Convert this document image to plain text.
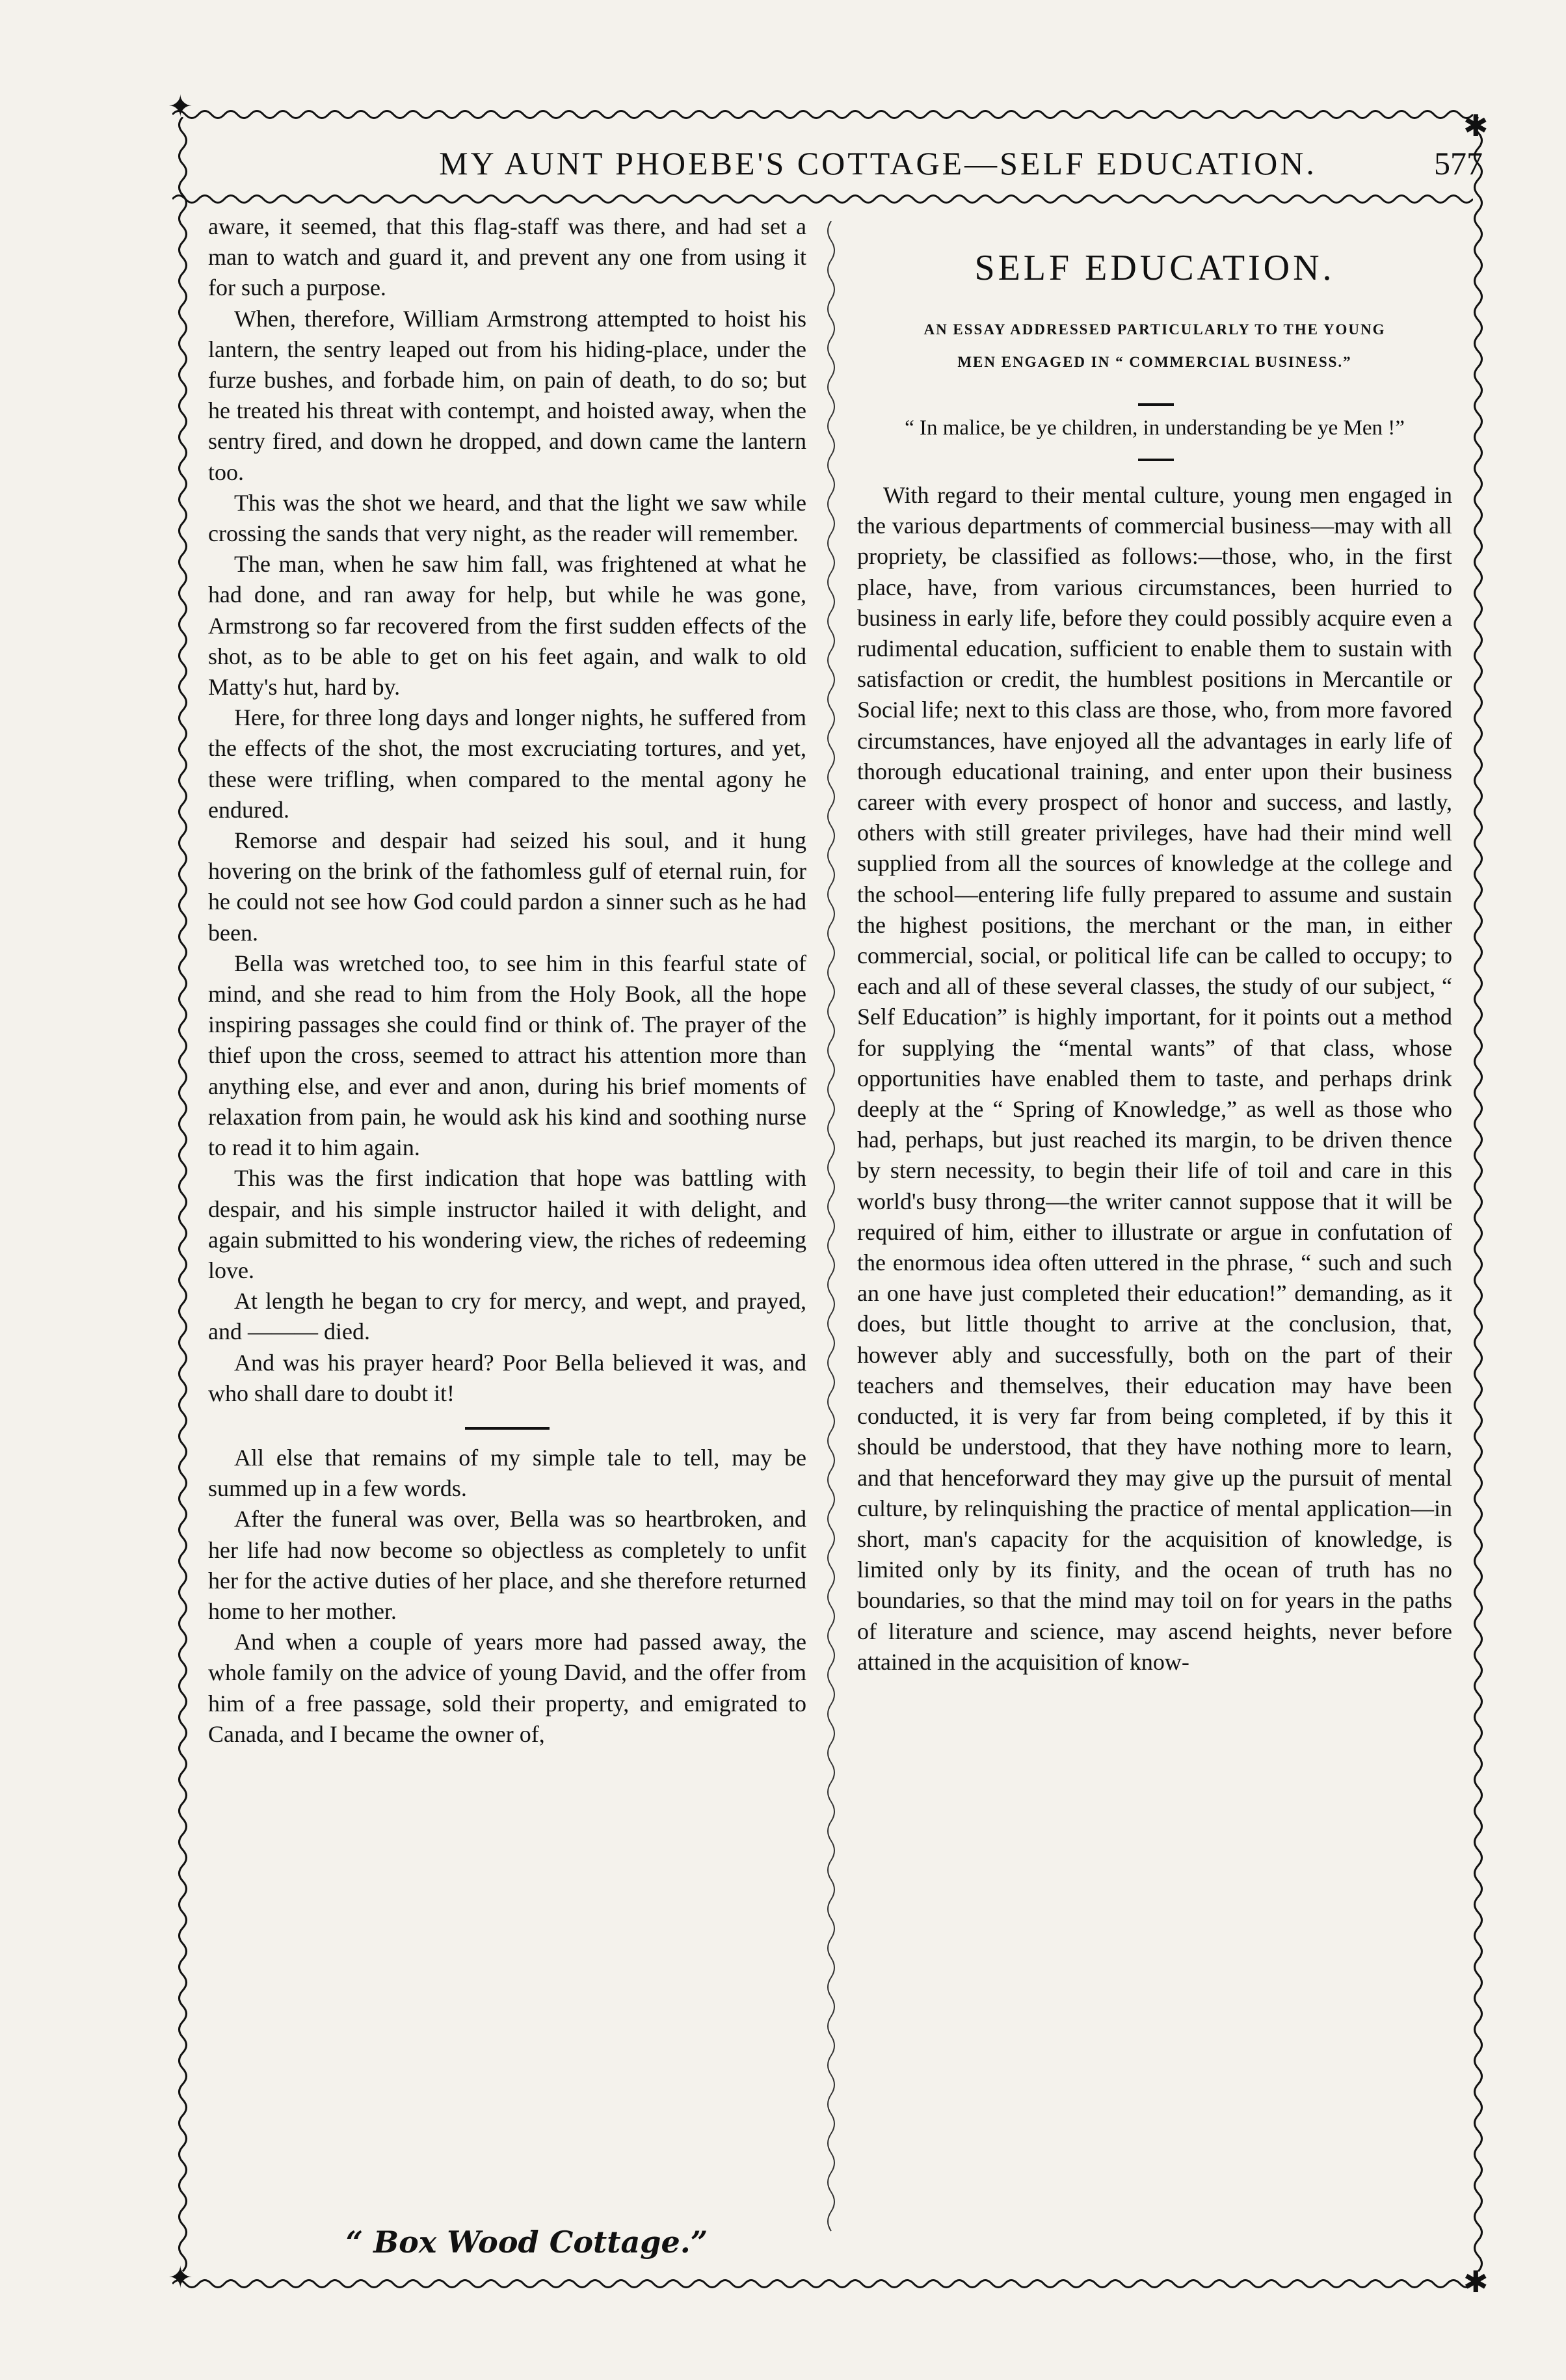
✦
✱
✦	✱
MY AUNT PHOEBE'S COTTAGE—SELF EDUCATION.	577

aware, it seemed, that this flag-staff was there, and had set a man to watch and guard it, and prevent any one from using it for such a purpose.

When, therefore, William Armstrong attempted to hoist his lantern, the sentry leaped out from his hiding-place, under the furze bushes, and forbade him, on pain of death, to do so; but he treated his threat with contempt, and hoisted away, when the sentry fired, and down he dropped, and down came the lantern too.

This was the shot we heard, and that the light we saw while crossing the sands that very night, as the reader will remember.

The man, when he saw him fall, was frightened at what he had done, and ran away for help, but while he was gone, Armstrong so far recovered from the first sudden effects of the shot, as to be able to get on his feet again, and walk to old Matty's hut, hard by.

Here, for three long days and longer nights, he suffered from the effects of the shot, the most excruciating tortures, and yet, these were trifling, when compared to the mental agony he endured.

Remorse and despair had seized his soul, and it hung hovering on the brink of the fathomless gulf of eternal ruin, for he could not see how God could pardon a sinner such as he had been.

Bella was wretched too, to see him in this fearful state of mind, and she read to him from the Holy Book, all the hope inspiring passages she could find or think of. The prayer of the thief upon the cross, seemed to attract his attention more than anything else, and ever and anon, during his brief moments of relaxation from pain, he would ask his kind and soothing nurse to read it to him again.

This was the first indication that hope was battling with despair, and his simple instructor hailed it with delight, and again submitted to his wondering view, the riches of redeeming love.

At length he began to cry for mercy, and wept, and prayed, and ——— died.

And was his prayer heard? Poor Bella believed it was, and who shall dare to doubt it!

All else that remains of my simple tale to tell, may be summed up in a few words.

After the funeral was over, Bella was so heartbroken, and her life had now become so objectless as completely to unfit her for the active duties of her place, and she therefore returned home to her mother.

And when a couple of years more had passed away, the whole family on the advice of young David, and the offer from him of a free passage, sold their property, and emigrated to Canada, and I became the owner of,

“ Box Wood Cottage.”
SELF EDUCATION.
AN ESSAY ADDRESSED PARTICULARLY TO THE YOUNG
MEN ENGAGED IN “ COMMERCIAL BUSINESS.”
“ In malice, be ye children, in understanding be ye Men !”

With regard to their mental culture, young men engaged in the various departments of commercial business—may with all propriety, be classified as follows:—those, who, in the first place, have, from various circumstances, been hurried to business in early life, before they could possibly acquire even a rudimental education, sufficient to enable them to sustain with satisfaction or credit, the humblest positions in Mercantile or Social life; next to this class are those, who, from more favored circumstances, have enjoyed all the advantages in early life of thorough educational training, and enter upon their business career with every prospect of honor and success, and lastly, others with still greater privileges, have had their mind well supplied from all the sources of knowledge at the college and the school—entering life fully prepared to assume and sustain the highest positions, the merchant or the man, in either commercial, social, or political life can be called to occupy; to each and all of these several classes, the study of our subject, “ Self Education” is highly important, for it points out a method for supplying the “mental wants” of that class, whose opportunities have enabled them to taste, and perhaps drink deeply at the “ Spring of Knowledge,” as well as those who had, perhaps, but just reached its margin, to be driven thence by stern necessity, to begin their life of toil and care in this world's busy throng—the writer cannot suppose that it will be required of him, either to illustrate or argue in confutation of the enormous idea often uttered in the phrase, “ such and such an one have just completed their education!” demanding, as it does, but little thought to arrive at the conclusion, that, however ably and successfully, both on the part of their teachers and themselves, their education may have been conducted, it is very far from being completed, if by this it should be understood, that they have nothing more to learn, and that henceforward they may give up the pursuit of mental culture, by relinquishing the practice of mental application—in short, man's capacity for the acquisition of knowledge, is limited only by its finity, and the ocean of truth has no boundaries, so that the mind may toil on for years in the paths of literature and science, may ascend heights, never before attained in the acquisition of know-
